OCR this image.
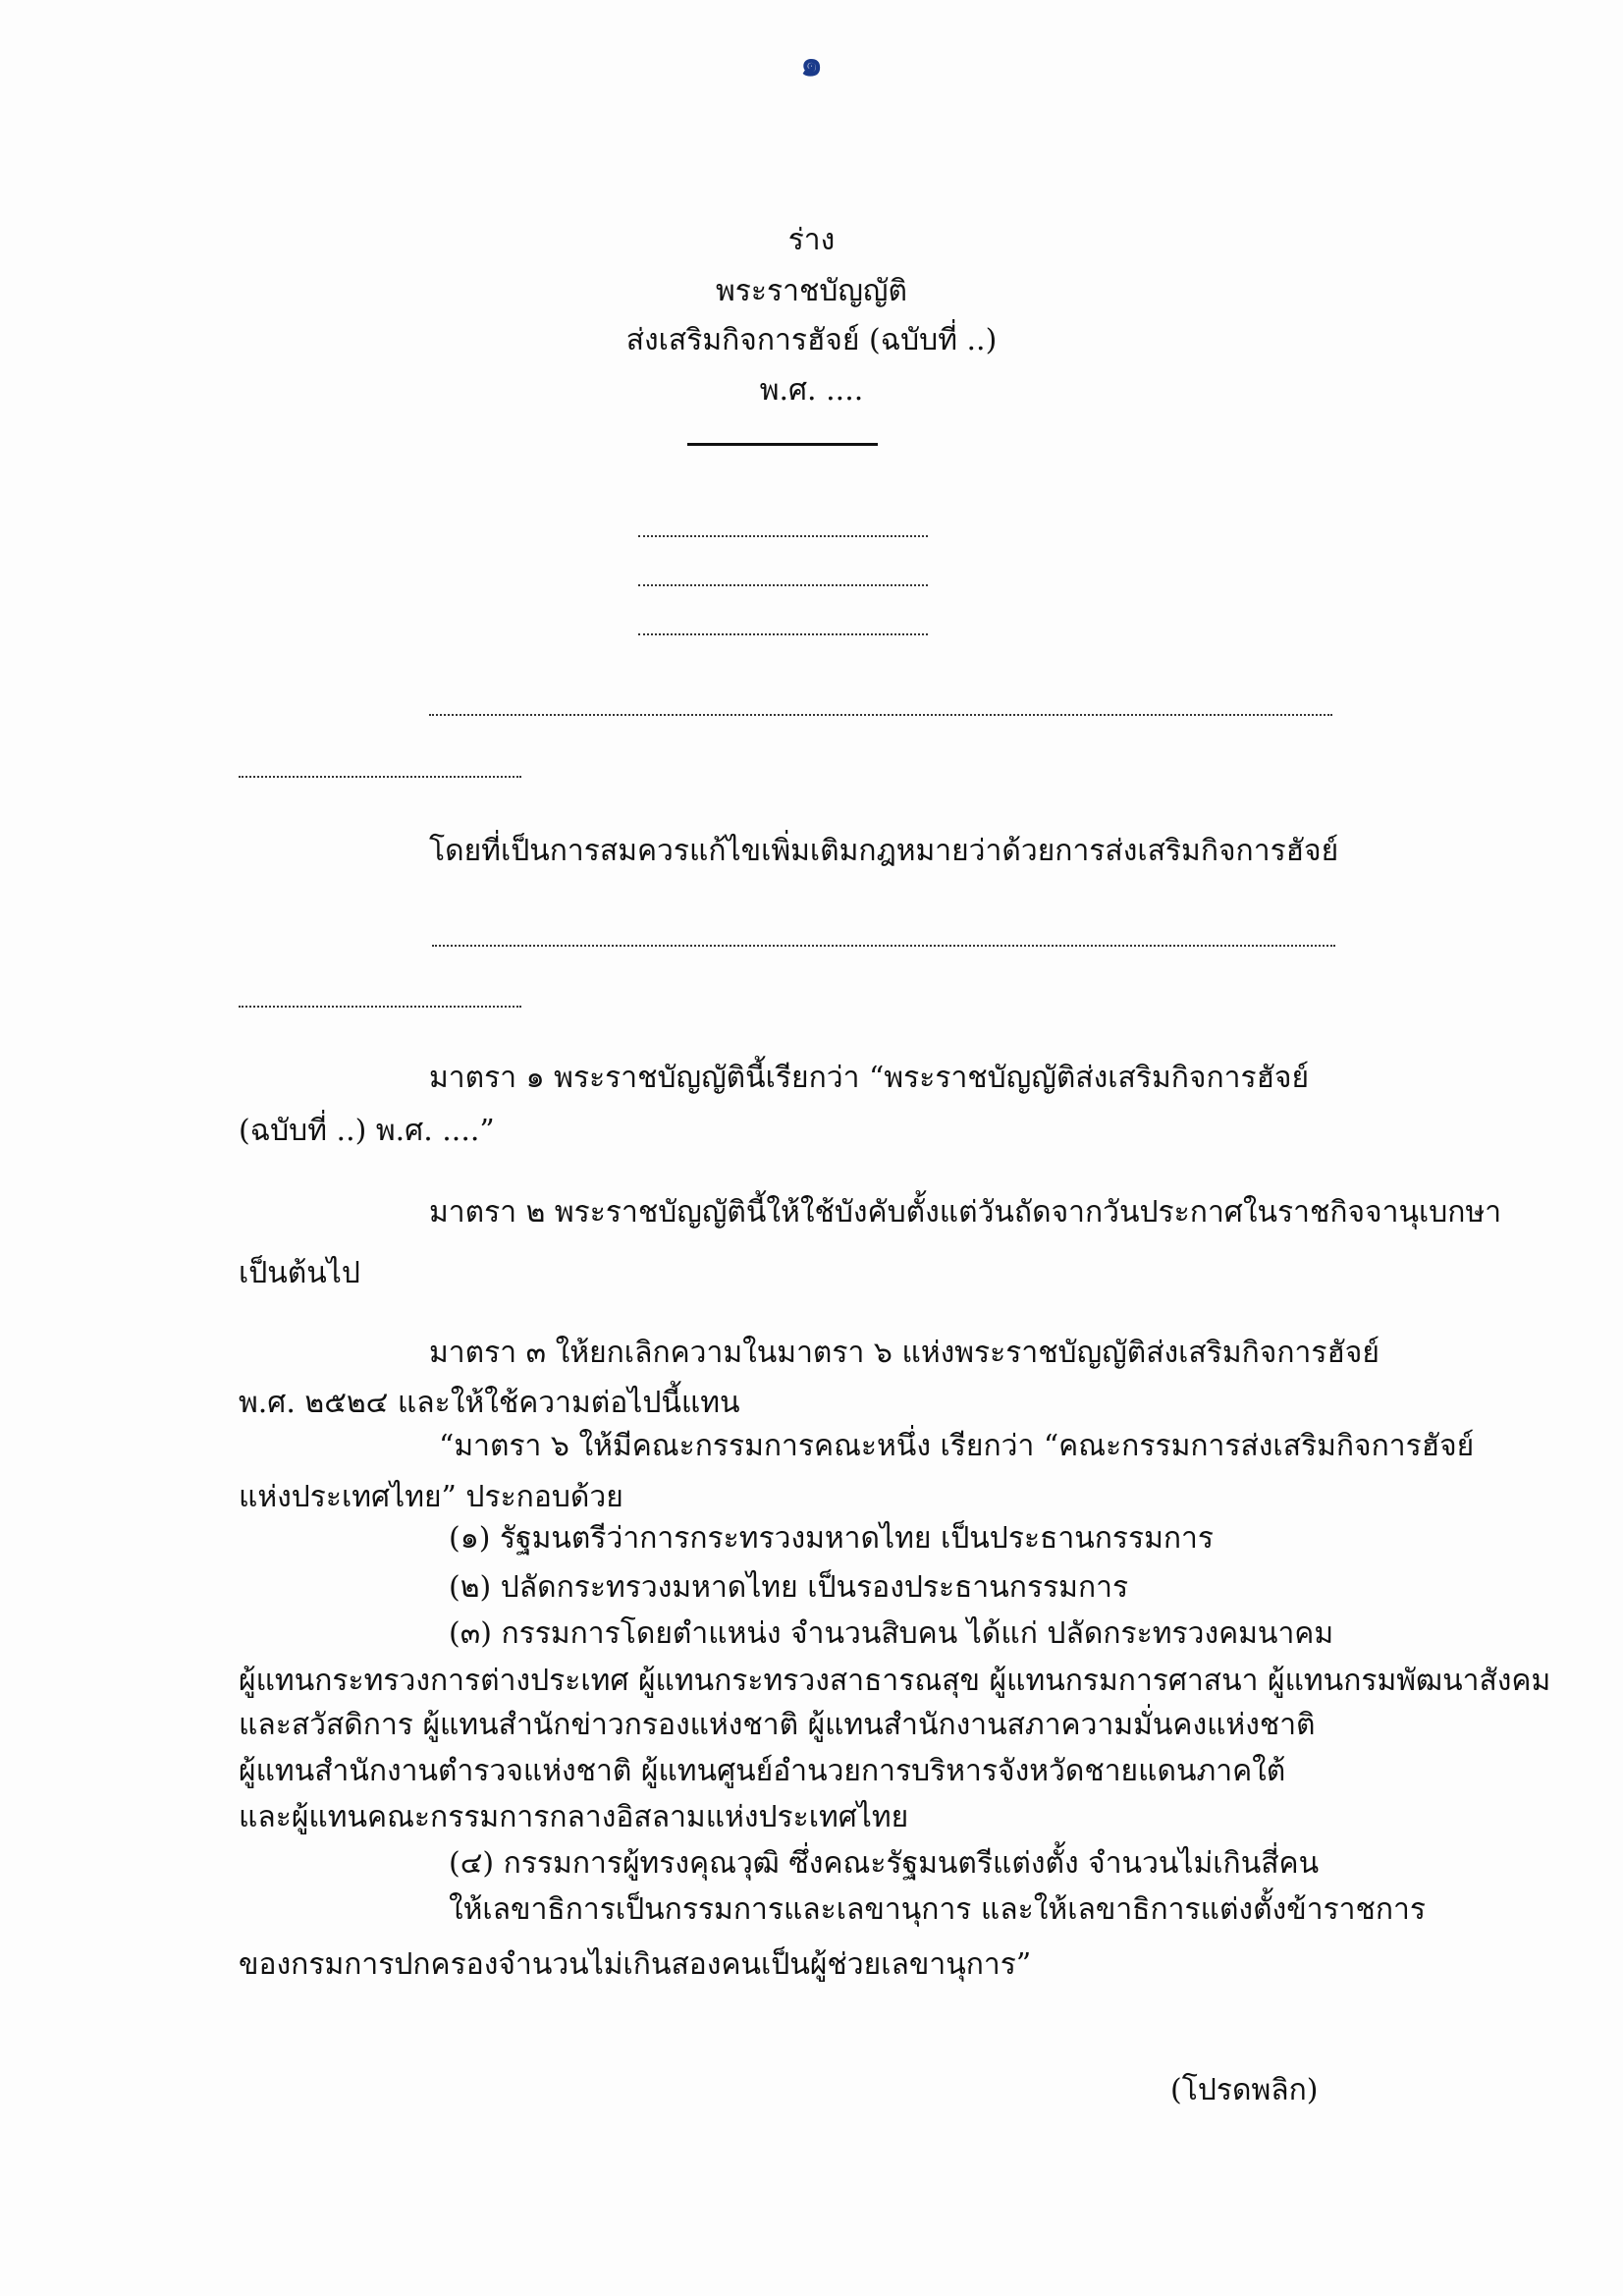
๑
ร่าง
พระราชบัญญัติ
ส่งเสริมกิจการฮัจย์ (ฉบับที่ ..)
พ.ศ. ....
โดยที่เป็นการสมควรแก้ไขเพิ่มเติมกฎหมายว่าด้วยการส่งเสริมกิจการฮัจย์
มาตรา ๑ พระราชบัญญัตินี้เรียกว่า “พระราชบัญญัติส่งเสริมกิจการฮัจย์
(ฉบับที่ ..) พ.ศ. ....”
มาตรา ๒ พระราชบัญญัตินี้ให้ใช้บังคับตั้งแต่วันถัดจากวันประกาศในราชกิจจานุเบกษา
เป็นต้นไป
มาตรา ๓ ให้ยกเลิกความในมาตรา ๖ แห่งพระราชบัญญัติส่งเสริมกิจการฮัจย์
พ.ศ. ๒๕๒๔ และให้ใช้ความต่อไปนี้แทน
“มาตรา ๖ ให้มีคณะกรรมการคณะหนึ่ง เรียกว่า “คณะกรรมการส่งเสริมกิจการฮัจย์
แห่งประเทศไทย” ประกอบด้วย
(๑) รัฐมนตรีว่าการกระทรวงมหาดไทย เป็นประธานกรรมการ
(๒) ปลัดกระทรวงมหาดไทย เป็นรองประธานกรรมการ
(๓) กรรมการโดยตำแหน่ง จำนวนสิบคน ได้แก่ ปลัดกระทรวงคมนาคม
ผู้แทนกระทรวงการต่างประเทศ ผู้แทนกระทรวงสาธารณสุข ผู้แทนกรมการศาสนา ผู้แทนกรมพัฒนาสังคม
และสวัสดิการ ผู้แทนสำนักข่าวกรองแห่งชาติ ผู้แทนสำนักงานสภาความมั่นคงแห่งชาติ
ผู้แทนสำนักงานตำรวจแห่งชาติ ผู้แทนศูนย์อำนวยการบริหารจังหวัดชายแดนภาคใต้
และผู้แทนคณะกรรมการกลางอิสลามแห่งประเทศไทย
(๔) กรรมการผู้ทรงคุณวุฒิ ซึ่งคณะรัฐมนตรีแต่งตั้ง จำนวนไม่เกินสี่คน
ให้เลขาธิการเป็นกรรมการและเลขานุการ และให้เลขาธิการแต่งตั้งข้าราชการ
ของกรมการปกครองจำนวนไม่เกินสองคนเป็นผู้ช่วยเลขานุการ”
(โปรดพลิก)
